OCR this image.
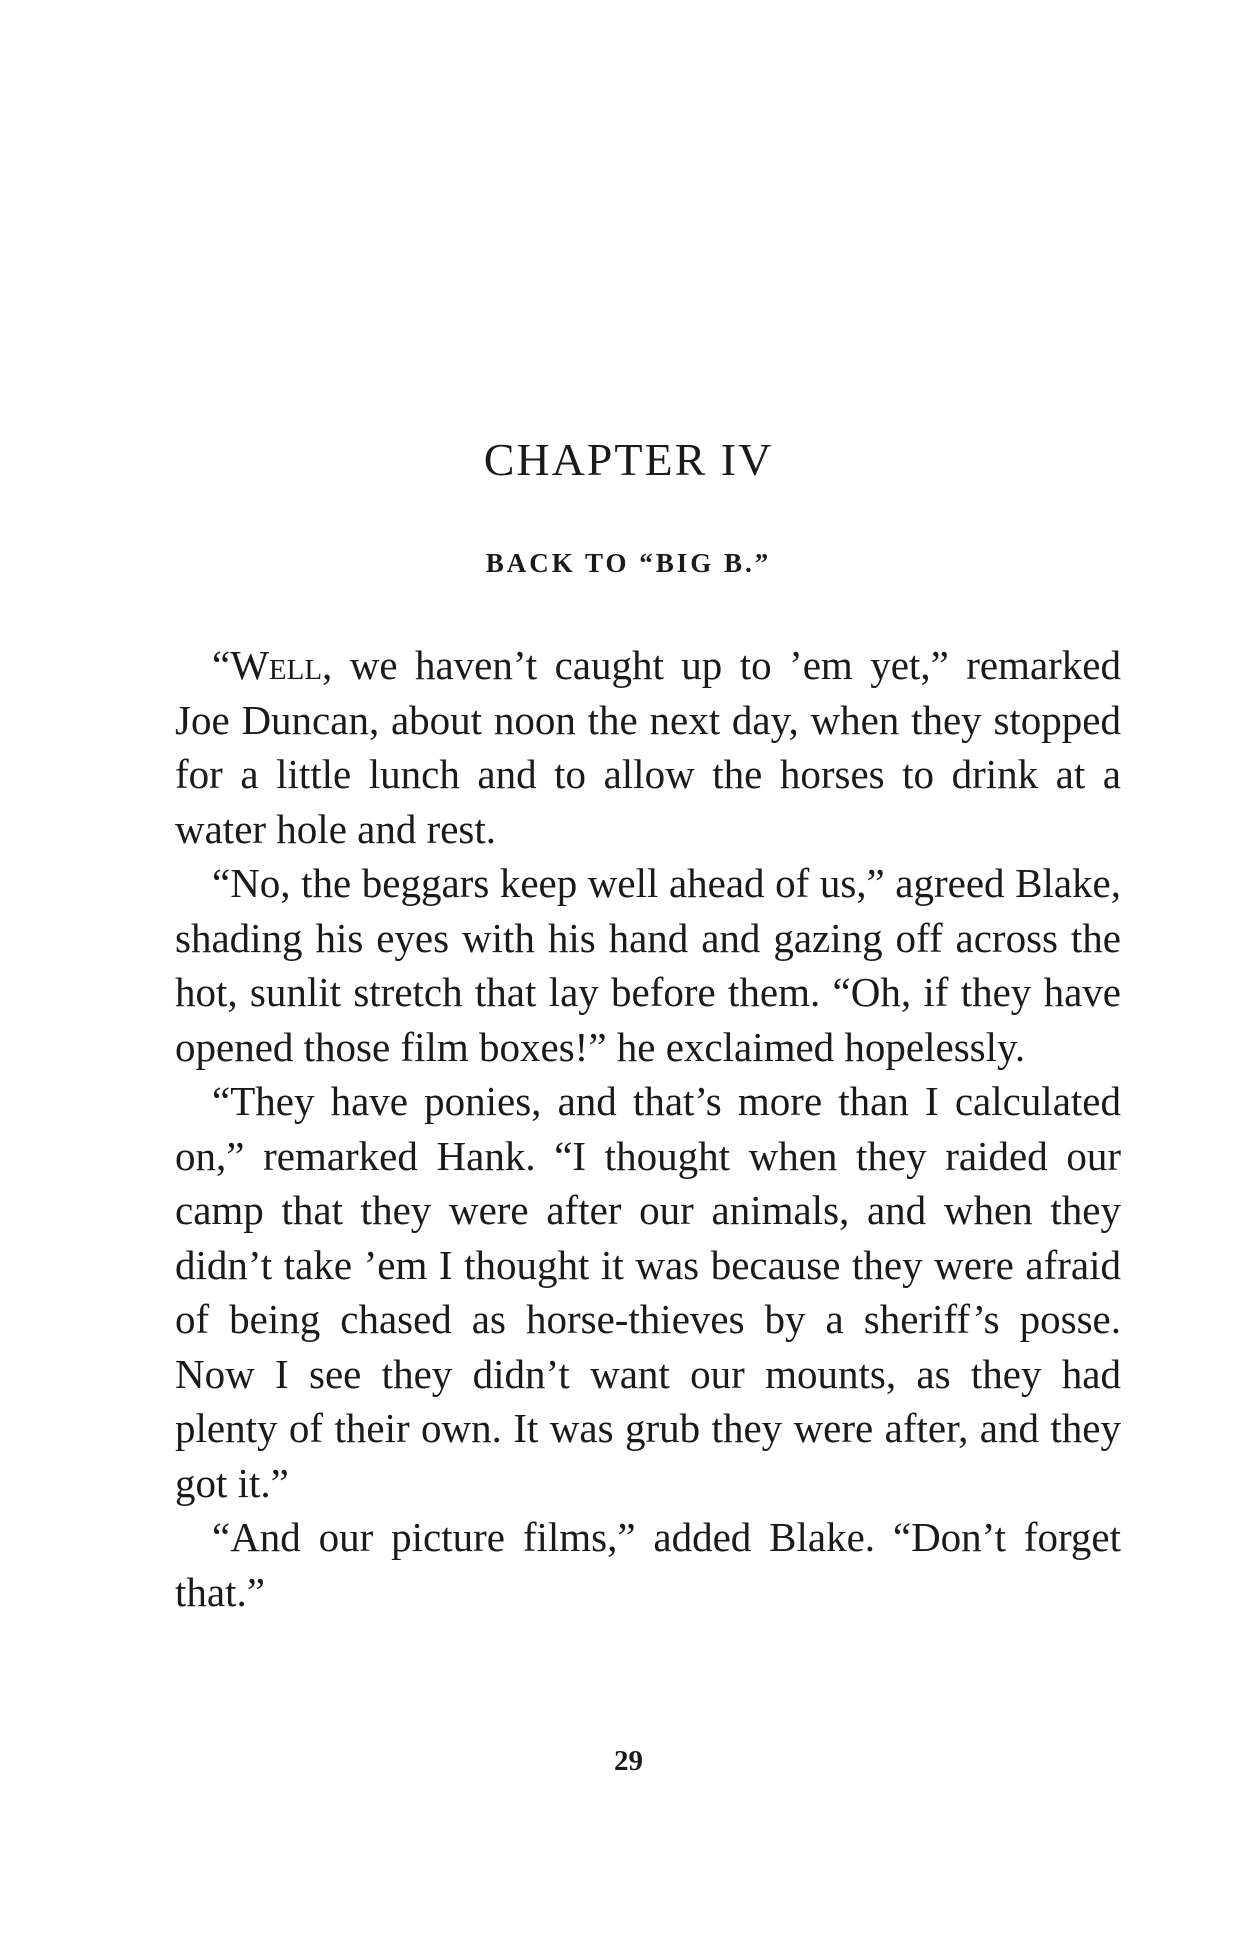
CHAPTER IV
BACK TO “BIG B.”

“Well, we haven’t caught up to ’em yet,” remarked Joe Duncan, about noon the next day, when they stopped for a little lunch and to allow the horses to drink at a water hole and rest.

“No, the beggars keep well ahead of us,” agreed Blake, shading his eyes with his hand and gazing off across the hot, sunlit stretch that lay before them. “Oh, if they have opened those film boxes!” he exclaimed hopelessly.

“They have ponies, and that’s more than I calculated on,” remarked Hank. “I thought when they raided our camp that they were after our animals, and when they didn’t take ’em I thought it was because they were afraid of being chased as horse-thieves by a sheriff’s posse. Now I see they didn’t want our mounts, as they had plenty of their own. It was grub they were after, and they got it.”

“And our picture films,” added Blake. “Don’t forget that.”

29
